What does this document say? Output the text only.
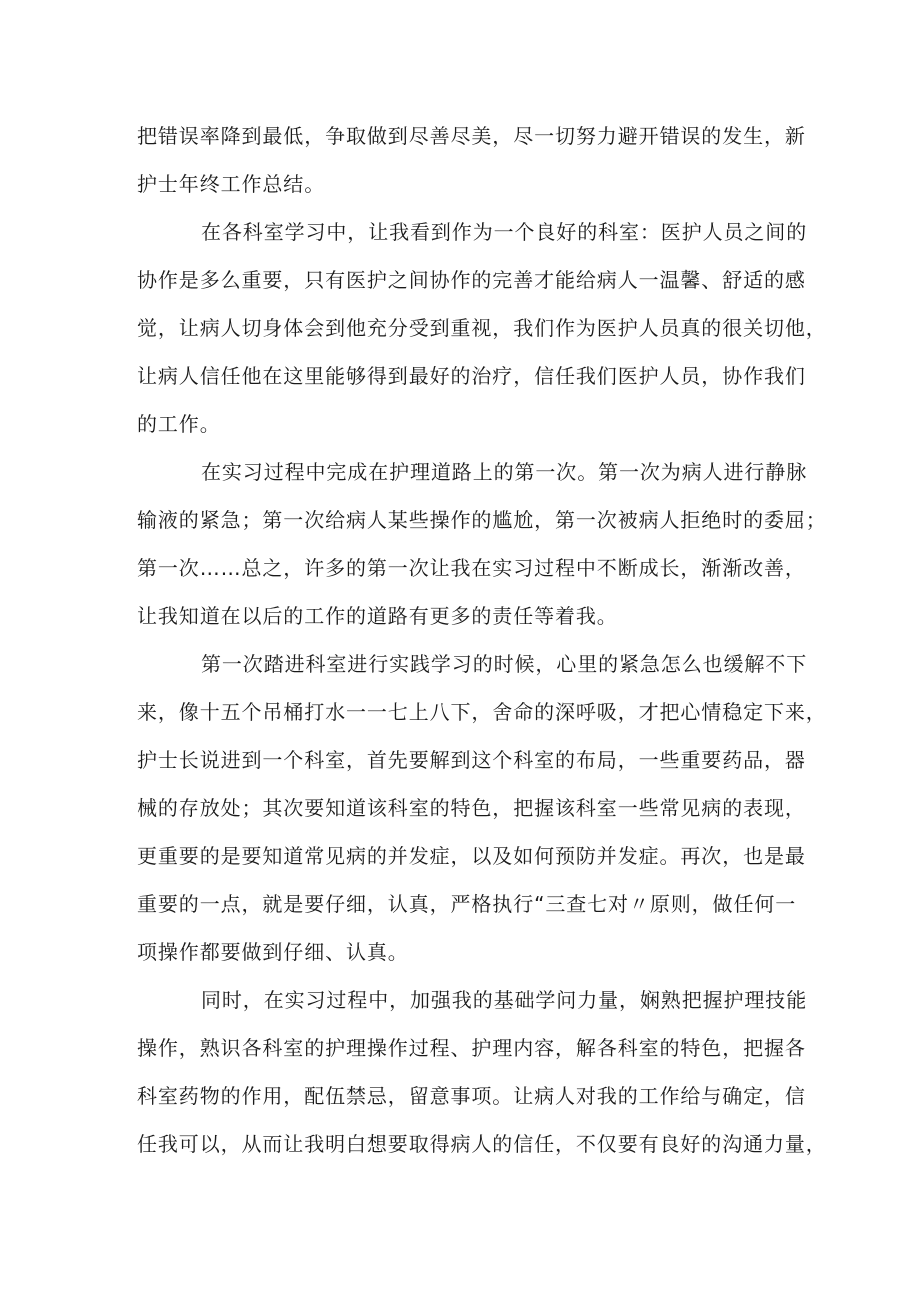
把错误率降到最低，争取做到尽善尽美，尽一切努力避开错误的发生，新
护士年终工作总结。
在各科室学习中，让我看到作为一个良好的科室：医护人员之间的
协作是多么重要，只有医护之间协作的完善才能给病人一温馨、舒适的感
觉，让病人切身体会到他充分受到重视，我们作为医护人员真的很关切他，
让病人信任他在这里能够得到最好的治疗，信任我们医护人员，协作我们
的工作。
在实习过程中完成在护理道路上的第一次。第一次为病人进行静脉
输液的紧急；第一次给病人某些操作的尴尬，第一次被病人拒绝时的委屈；
第一次……总之，许多的第一次让我在实习过程中不断成长，渐渐改善，
让我知道在以后的工作的道路有更多的责任等着我。
第一次踏进科室进行实践学习的时候，心里的紧急怎么也缓解不下
来，像十五个吊桶打水一一七上八下，舍命的深呼吸，才把心情稳定下来，
护士长说进到一个科室，首先要解到这个科室的布局，一些重要药品，器
械的存放处；其次要知道该科室的特色，把握该科室一些常见病的表现，
更重要的是要知道常见病的并发症，以及如何预防并发症。再次，也是最
重要的一点，就是要仔细，认真，严格执行“三查七对〃原则，做任何一
项操作都要做到仔细、认真。
同时，在实习过程中，加强我的基础学问力量，娴熟把握护理技能
操作，熟识各科室的护理操作过程、护理内容，解各科室的特色，把握各
科室药物的作用，配伍禁忌，留意事项。让病人对我的工作给与确定，信
任我可以，从而让我明白想要取得病人的信任，不仅要有良好的沟通力量，
